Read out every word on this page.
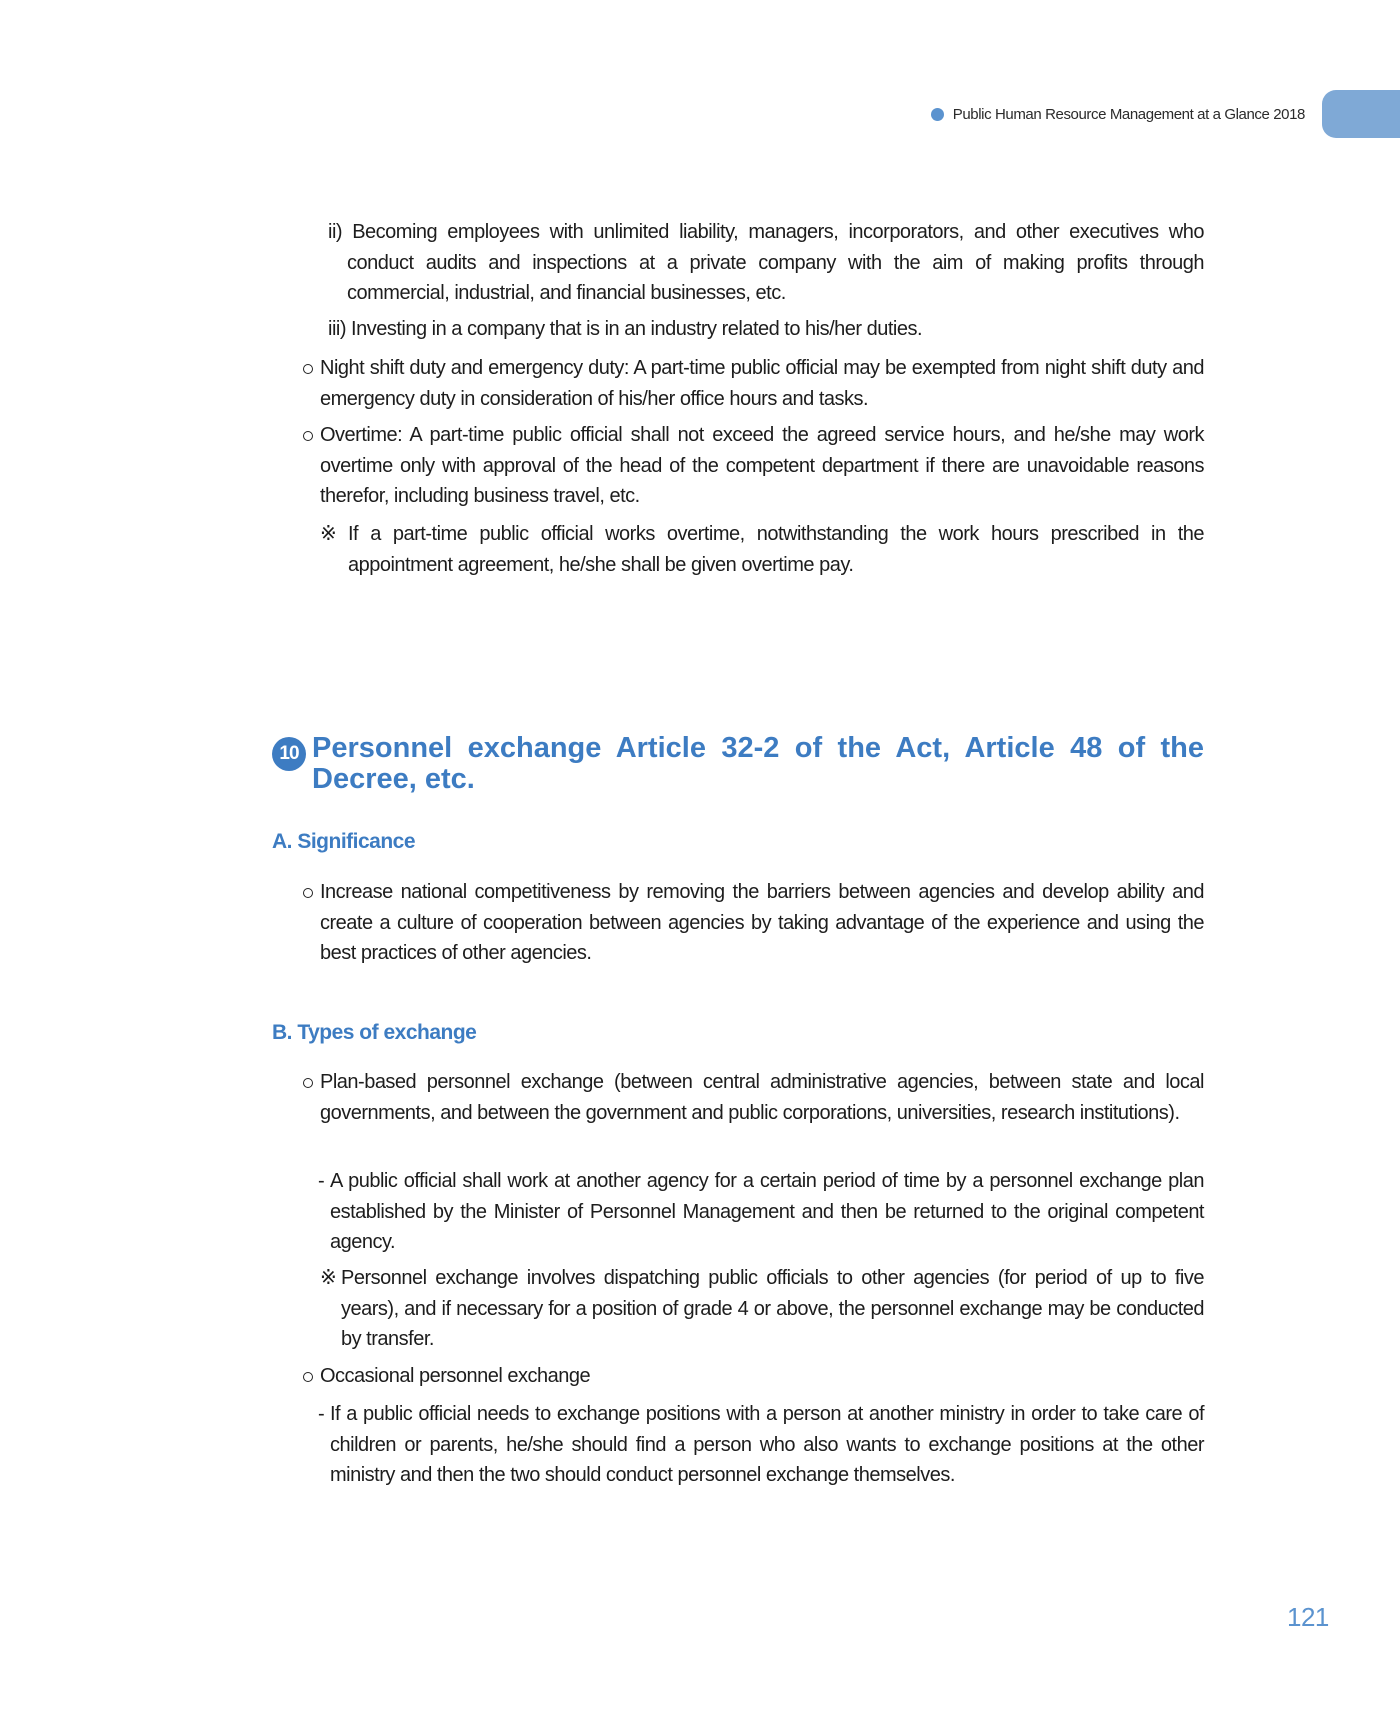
Public Human Resource Management at a Glance 2018
ii) Becoming employees with unlimited liability, managers, incorporators, and other executives who conduct audits and inspections at a private company with the aim of making profits through commercial, industrial, and financial businesses, etc.
iii) Investing in a company that is in an industry related to his/her duties.
Night shift duty and emergency duty: A part-time public official may be exempted from night shift duty and emergency duty in consideration of his/her office hours and tasks.
Overtime: A part-time public official shall not exceed the agreed service hours, and he/she may work overtime only with approval of the head of the competent department if there are unavoidable reasons therefor, including business travel, etc.
※ If a part-time public official works overtime, notwithstanding the work hours prescribed in the appointment agreement, he/she shall be given overtime pay.
10 Personnel exchange Article 32-2 of the Act, Article 48 of the Decree, etc.
A. Significance
Increase national competitiveness by removing the barriers between agencies and develop ability and create a culture of cooperation between agencies by taking advantage of the experience and using the best practices of other agencies.
B. Types of exchange
Plan-based personnel exchange (between central administrative agencies, between state and local governments, and between the government and public corporations, universities, research institutions).
- A public official shall work at another agency for a certain period of time by a personnel exchange plan established by the Minister of Personnel Management and then be returned to the original competent agency.
※ Personnel exchange involves dispatching public officials to other agencies (for period of up to five years), and if necessary for a position of grade 4 or above, the personnel exchange may be conducted by transfer.
Occasional personnel exchange
- If a public official needs to exchange positions with a person at another ministry in order to take care of children or parents, he/she should find a person who also wants to exchange positions at the other ministry and then the two should conduct personnel exchange themselves.
121
